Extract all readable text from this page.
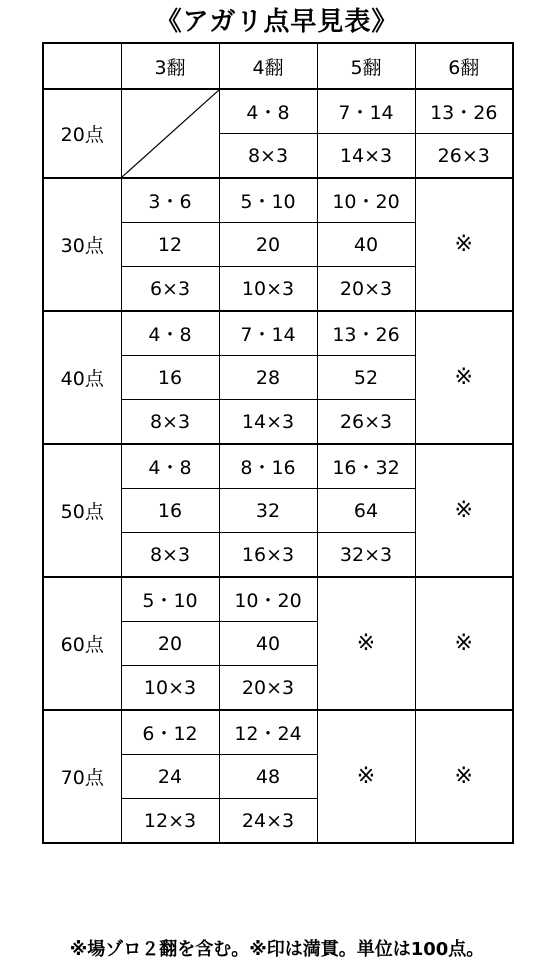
《アガリ点早見表》
	3翻	4翻	5翻	6翻
20点		4・8	7・14	13・26
		8×3	14×3	26×3
30点	3・6	5・10	10・20	※
	12	20	40	
	6×3	10×3	20×3	
40点	4・8	7・14	13・26	※
	16	28	52	
	8×3	14×3	26×3	
50点	4・8	8・16	16・32	※
	16	32	64	
	8×3	16×3	32×3	
60点	5・10	10・20	※	※
	20	40		
	10×3	20×3		
70点	6・12	12・24	※	※
	24	48		
	12×3	24×3		
※場ゾロ２翻を含む。※印は満貫。単位は100点。
